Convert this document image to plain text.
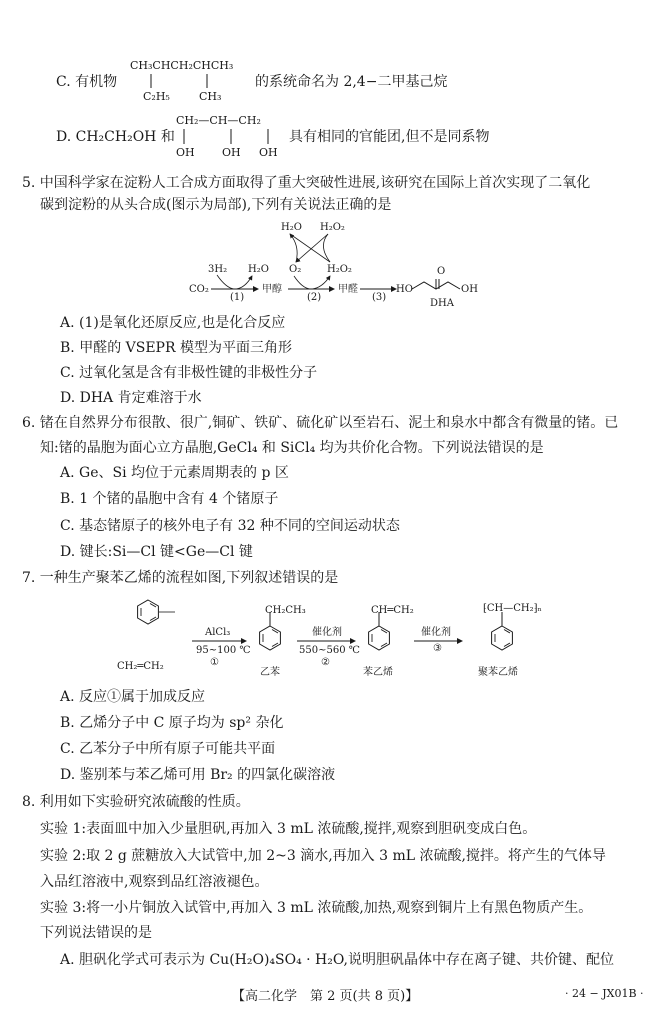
CH₃CHCH₂CHCH₃
C. 有机物
C₂H₅	CH₃
的系统命名为 2,4−二甲基己烷
CH₂—CH—CH₂
D. CH₂CH₂OH 和
OH OH OH
具有相同的官能团,但不是同系物
5. 中国科学家在淀粉人工合成方面取得了重大突破性进展,该研究在国际上首次实现了二氧化
碳到淀粉的从头合成(图示为局部),下列有关说法正确的是
H₂O H₂O₂
3H₂ H₂O O₂	H₂O₂
CO₂	甲醇	甲醛	HO	OH
O
(1)	(2)	(3)
DHA
A. (1)是氧化还原反应,也是化合反应
B. 甲醛的 VSEPR 模型为平面三角形
C. 过氧化氢是含有非极性键的非极性分子
D. DHA 肯定难溶于水
6. 锗在自然界分布很散、很广,铜矿、铁矿、硫化矿以至岩石、泥土和泉水中都含有微量的锗。已
知:锗的晶胞为面心立方晶胞,GeCl₄ 和 SiCl₄ 均为共价化合物。下列说法错误的是
A. Ge、Si 均位于元素周期表的 p 区
B. 1 个锗的晶胞中含有 4 个锗原子
C. 基态锗原子的核外电子有 32 种不同的空间运动状态
D. 键长:Si—Cl 键<Ge—Cl 键
7. 一种生产聚苯乙烯的流程如图,下列叙述错误的是
CH₂CH₃	CH═CH₂	⁅CH—CH₂⁆ₙ
AlCl₃	催化剂	催化剂
95~100 ℃	550~560 ℃
①	②
③
CH₂═CH₂
乙苯	苯乙烯	聚苯乙烯
A. 反应①属于加成反应
B. 乙烯分子中 C 原子均为 sp² 杂化
C. 乙苯分子中所有原子可能共平面
D. 鉴别苯与苯乙烯可用 Br₂ 的四氯化碳溶液
8. 利用如下实验研究浓硫酸的性质。
实验 1:表面皿中加入少量胆矾,再加入 3 mL 浓硫酸,搅拌,观察到胆矾变成白色。
实验 2:取 2 g 蔗糖放入大试管中,加 2~3 滴水,再加入 3 mL 浓硫酸,搅拌。将产生的气体导
入品红溶液中,观察到品红溶液褪色。
实验 3:将一小片铜放入试管中,再加入 3 mL 浓硫酸,加热,观察到铜片上有黑色物质产生。
下列说法错误的是
A. 胆矾化学式可表示为 Cu(H₂O)₄SO₄ · H₂O,说明胆矾晶体中存在离子键、共价键、配位
【高二化学　第 2 页(共 8 页)】	· 24 − JX01B ·
